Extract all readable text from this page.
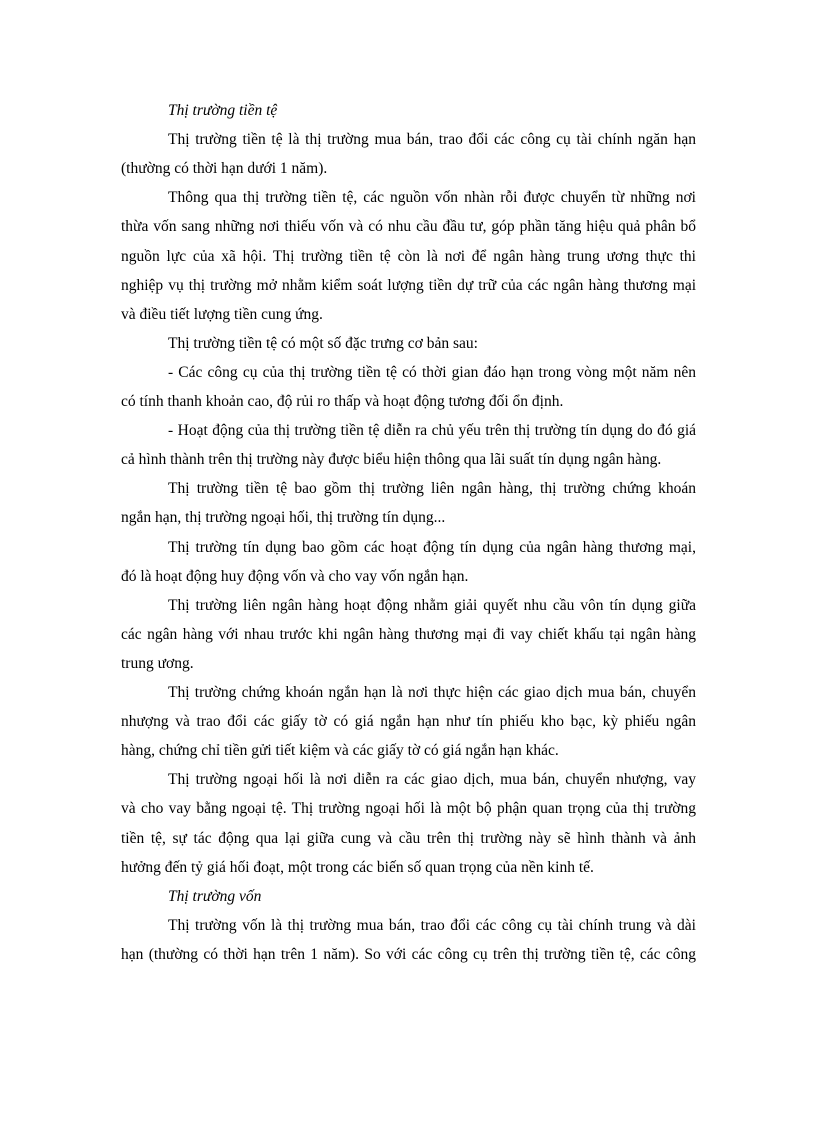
Thị trường tiền tệ
Thị trường tiền tệ là thị trường mua bán, trao đổi các công cụ tài chính ngăn hạn
(thường có thời hạn dưới 1 năm).
Thông qua thị trường tiền tệ, các nguồn vốn nhàn rỗi được chuyển từ những nơi
thừa vốn sang những nơi thiếu vốn và có nhu cầu đầu tư, góp phần tăng hiệu quả phân bổ
nguồn lực của xã hội. Thị trường tiền tệ còn là nơi để ngân hàng trung ương thực thi
nghiệp vụ thị trường mở nhằm kiểm soát lượng tiền dự trữ của các ngân hàng thương mại
và điều tiết lượng tiền cung ứng.
Thị trường tiền tệ có một số đặc trưng cơ bản sau:
- Các công cụ của thị trường tiền tệ có thời gian đáo hạn trong vòng một năm nên
có tính thanh khoản cao, độ rủi ro thấp và hoạt động tương đối ổn định.
- Hoạt động của thị trường tiền tệ diễn ra chủ yếu trên thị trường tín dụng do đó giá
cả hình thành trên thị trường này được biểu hiện thông qua lãi suất tín dụng ngân hàng.
Thị trường tiền tệ bao gồm thị trường liên ngân hàng, thị trường chứng khoán
ngắn hạn, thị trường ngoại hối, thị trường tín dụng...
Thị trường tín dụng bao gồm các hoạt động tín dụng của ngân hàng thương mại,
đó là hoạt động huy động vốn và cho vay vốn ngắn hạn.
Thị trường liên ngân hàng hoạt động nhằm giải quyết nhu cầu vôn tín dụng giữa
các ngân hàng với nhau trước khi ngân hàng thương mại đi vay chiết khấu tại ngân hàng
trung ương.
Thị trường chứng khoán ngắn hạn là nơi thực hiện các giao dịch mua bán, chuyển
nhượng và trao đổi các giấy tờ có giá ngắn hạn như tín phiếu kho bạc, kỳ phiếu ngân
hàng, chứng chỉ tiền gửi tiết kiệm và các giấy tờ có giá ngắn hạn khác.
Thị trường ngoại hối là nơi diễn ra các giao dịch, mua bán, chuyển nhượng, vay
và cho vay bằng ngoại tệ. Thị trường ngoại hối là một bộ phận quan trọng của thị trường
tiền tệ, sự tác động qua lại giữa cung và cầu trên thị trường này sẽ hình thành và ảnh
hưởng đến tỷ giá hối đoạt, một trong các biến số quan trọng của nền kinh tế.
Thị trường vốn
Thị trường vốn là thị trường mua bán, trao đổi các công cụ tài chính trung và dài
hạn (thường có thời hạn trên 1 năm). So với các công cụ trên thị trường tiền tệ, các công
